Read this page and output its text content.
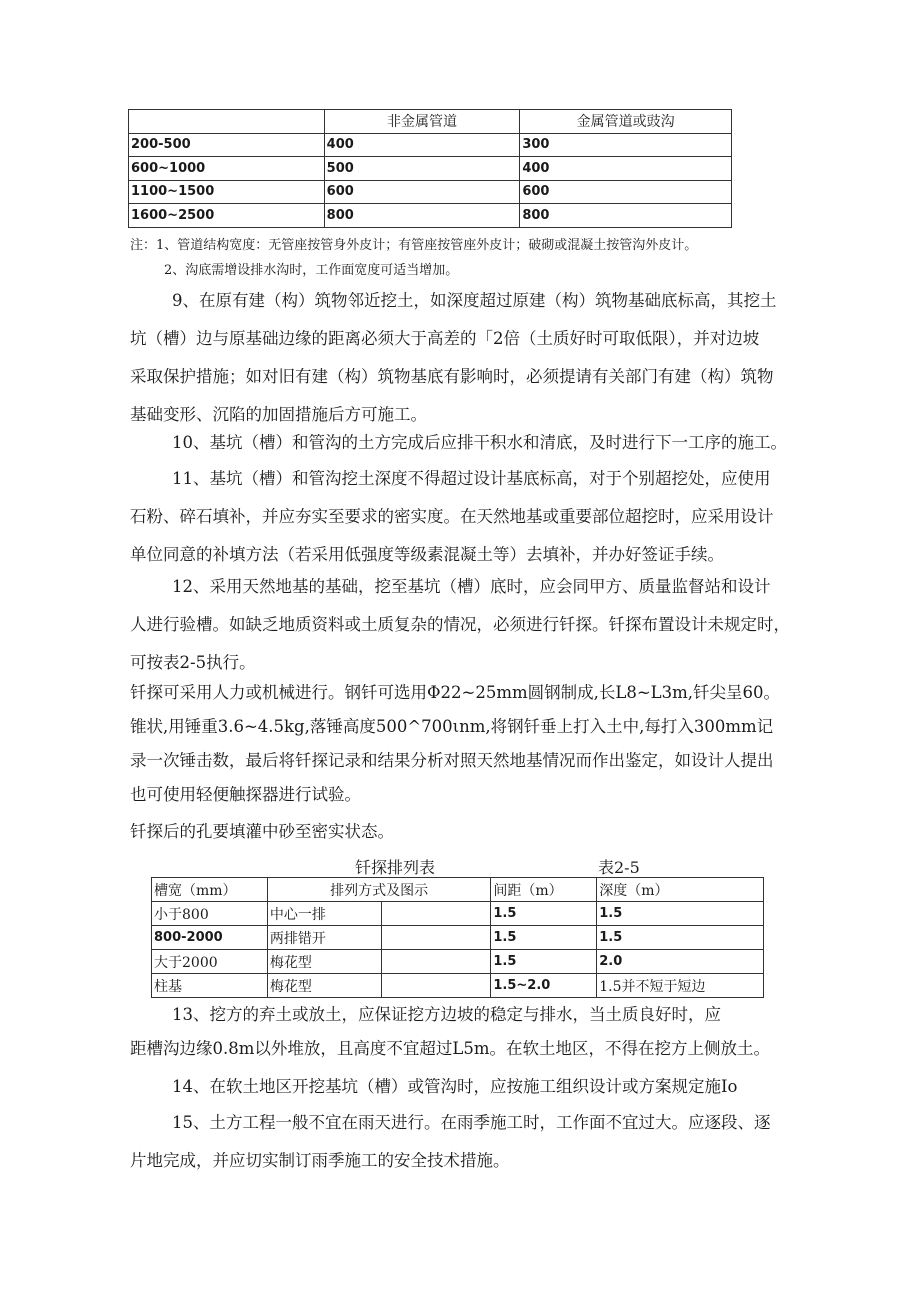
	非金属管道	金属管道或豉沟
200-500	400	300
600~1000	500	400
1100~1500	600	600
1600~2500	800	800
注：1、管道结构宽度：无管座按管身外皮计；有管座按管座外皮计；破砌或混凝土按管沟外皮计。
2、沟底需增设排水沟时，工作面宽度可适当增加。
9、在原有建（构）筑物邻近挖土，如深度超过原建（构）筑物基础底标高，其挖土
坑（槽）边与原基础边缘的距离必须大于高差的「2倍（土质好时可取低限），并对边坡
采取保护措施；如对旧有建（构）筑物基底有影响时，必须提请有关部门有建（构）筑物
基础变形、沉陷的加固措施后方可施工。
10、基坑（槽）和管沟的土方完成后应排干积水和清底，及时进行下一工序的施工。
11、基坑（槽）和管沟挖土深度不得超过设计基底标高，对于个别超挖处，应使用
石粉、碎石填补，并应夯实至要求的密实度。在天然地基或重要部位超挖时，应采用设计
单位同意的补填方法（若采用低强度等级素混凝土等）去填补，并办好签证手续。
12、采用天然地基的基础，挖至基坑（槽）底时，应会同甲方、质量监督站和设计
人进行验槽。如缺乏地质资料或土质复杂的情况，必须进行钎探。钎探布置设计未规定时，
可按表2-5执行。
钎探可采用人力或机械进行。钢钎可选用Φ22~25mm圆钢制成,长L8~L3m,钎尖呈60。
锥状,用锤重3.6~4.5kg,落锤高度500^700ιnm,将钢钎垂上打入土中,每打入300mm记
录一次锤击数，最后将钎探记录和结果分析对照天然地基情况而作出鉴定，如设计人提出
也可使用轻便触探器进行试验。
钎探后的孔要填灌中砂至密实状态。
钎探排列表	表2-5
槽宽（mm）	排列方式及图示		间距（m）	深度（m）
小于800	中心一排		1.5	1.5
800-2000	两排错开		1.5	1.5
大于2000	梅花型		1.5	2.0
柱基	梅花型		1.5~2.0	1.5并不短于短边
13、挖方的弃土或放土，应保证挖方边坡的稳定与排水，当土质良好时，应
距槽沟边缘0.8m以外堆放，且高度不宜超过L5m。在软土地区，不得在挖方上侧放土。
14、在软土地区开挖基坑（槽）或管沟时，应按施工组织设计或方案规定施Io
15、土方工程一般不宜在雨天进行。在雨季施工时，工作面不宜过大。应逐段、逐
片地完成，并应切实制订雨季施工的安全技术措施。
